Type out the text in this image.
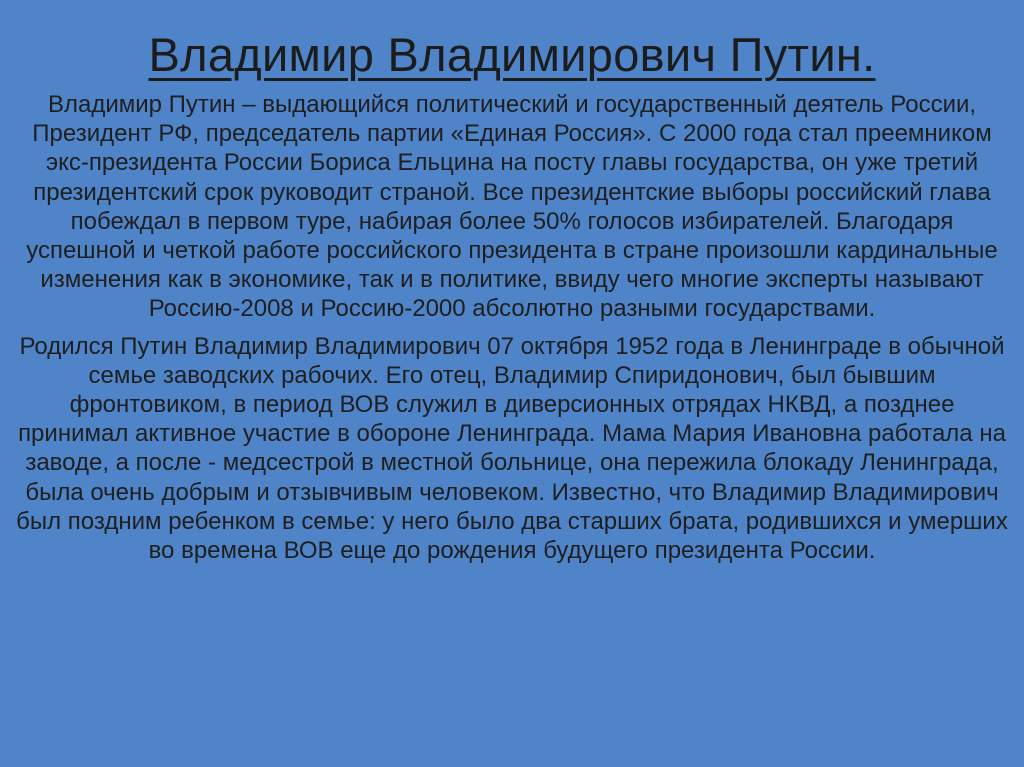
Владимир Владимирович Путин.

Владимир Путин – выдающийся политический и государственный деятель России, Президент РФ, председатель партии «Единая Россия». С 2000 года стал преемником экс-президента России Бориса Ельцина на посту главы государства, он уже третий президентский срок руководит страной. Все президентские выборы российский глава побеждал в первом туре, набирая более 50% голосов избирателей. Благодаря успешной и четкой работе российского президента в стране произошли кардинальные изменения как в экономике, так и в политике, ввиду чего многие эксперты называют Россию-2008 и Россию-2000 абсолютно разными государствами.

Родился Путин Владимир Владимирович 07 октября 1952 года в Ленинграде в обычной семье заводских рабочих. Его отец, Владимир Спиридонович, был бывшим фронтовиком, в период ВОВ служил в диверсионных отрядах НКВД, а позднее принимал активное участие в обороне Ленинграда. Мама Мария Ивановна работала на заводе, а после - медсестрой в местной больнице, она пережила блокаду Ленинграда, была очень добрым и отзывчивым человеком. Известно, что Владимир Владимирович был поздним ребенком в семье: у него было два старших брата, родившихся и умерших во времена ВОВ еще до рождения будущего президента России.
